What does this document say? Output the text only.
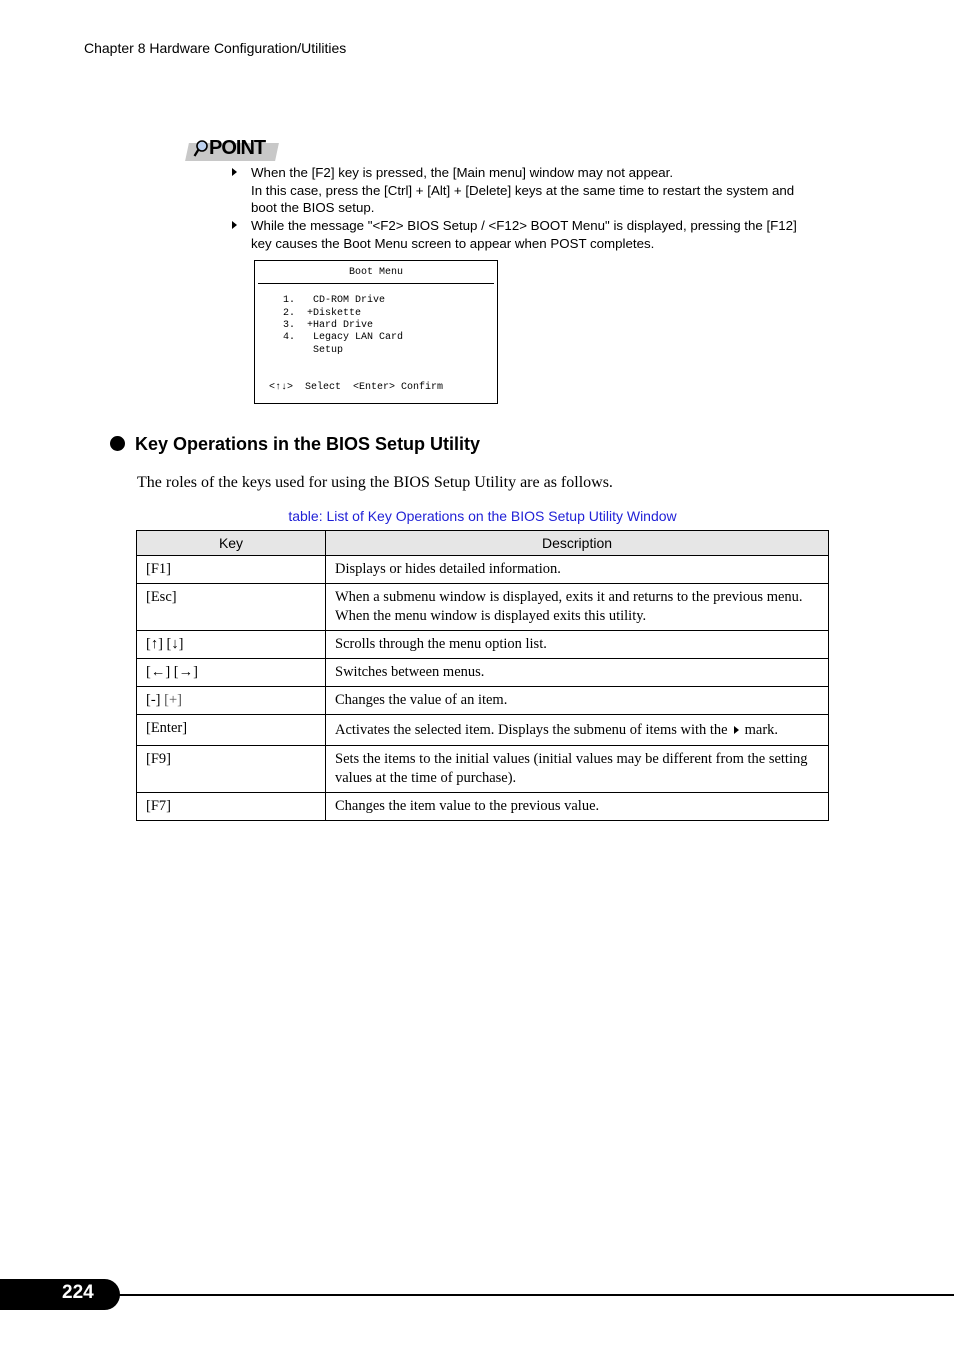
Chapter 8 Hardware Configuration/Utilities
POINT
When the [F2] key is pressed, the [Main menu] window may not appear.
In this case, press the [Ctrl] + [Alt] + [Delete] keys at the same time to restart the system and
boot the BIOS setup.
While the message "<F2> BIOS Setup / <F12> BOOT Menu" is displayed, pressing the [F12]
key causes the Boot Menu screen to appear when POST completes.
Boot Menu
1.   CD-ROM Drive
2.  +Diskette
3.  +Hard Drive
4.   Legacy LAN Card
Setup
<↑↓>  Select  <Enter> Confirm
Key Operations in the BIOS Setup Utility
The roles of the keys used for using the BIOS Setup Utility are as follows.
table: List of Key Operations on the BIOS Setup Utility Window
Key	Description
[F1]	Displays or hides detailed information.
[Esc]	When a submenu window is displayed, exits it and returns to the previous menu.
When the menu window is displayed exits this utility.

[↑] [↓]	Scrolls through the menu option list.
[←] [→]	Switches between menus.
[-] [+]	Changes the value of an item.
[Enter]	Activates the selected item. Displays the submenu of items with the mark.
[F9]	Sets the items to the initial values (initial values may be different from the setting
values at the time of purchase).

[F7]	Changes the item value to the previous value.
224
